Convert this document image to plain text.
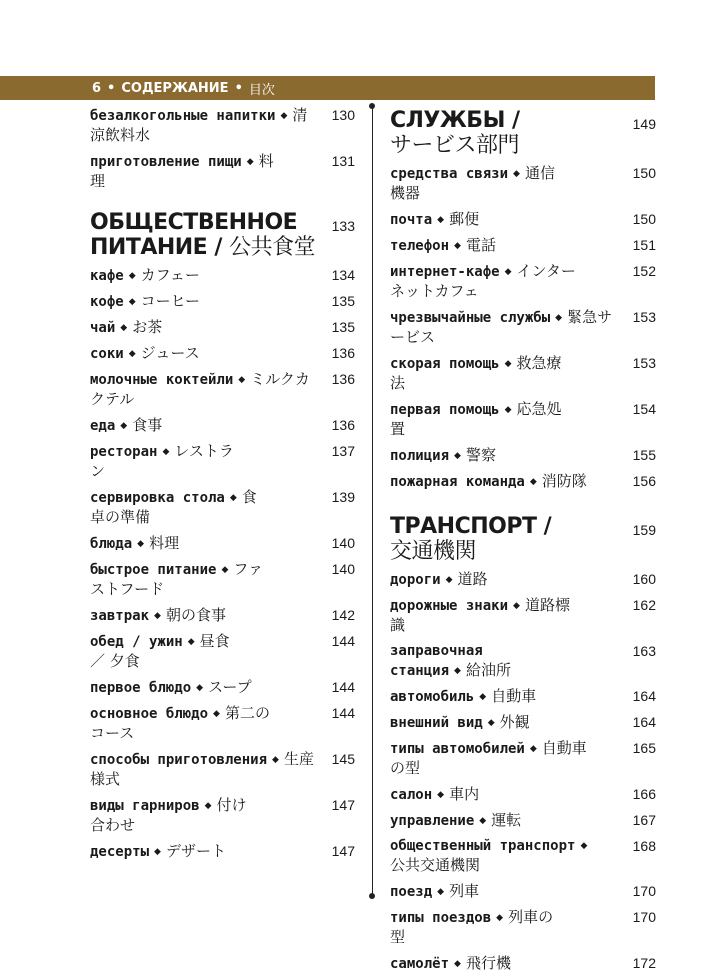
6 • СОДЕРЖАНИЕ • 目次
безалкогольные напитки ◆ 清涼飲料水
130
приготовление пищи ◆ 料理
131
ОБЩЕСТВЕННОЕ ПИТАНИЕ / 公共食堂
133
кафе ◆ カフェー	134
кофе ◆ コーヒー	135
чай ◆ お茶	135
соки ◆ ジュース	136
молочные коктейли ◆ ミルクカクテル
136
еда ◆ 食事	136
ресторан ◆ レストラン
137
сервировка стола ◆ 食卓の準備
139
блюда ◆ 料理	140
быстрое питание ◆ ファストフード
140
завтрак ◆ 朝の食事	142
обед / ужин ◆ 昼食 ／ 夕食
144
первое блюдо ◆ スープ	144
основное блюдо ◆ 第二のコース
144
способы приготовления ◆ 生産様式
145
виды гарниров ◆ 付け合わせ
147
десерты ◆ デザート	147
СЛУЖБЫ /
サービス部門
149
средства связи ◆ 通信機器
150
почта ◆ 郵便	150
телефон ◆ 電話	151
интернет-кафе ◆ インターネットカフェ
152
чрезвычайные службы ◆ 緊急サービス
153
скорая помощь ◆ 救急療法
153
первая помощь ◆ 応急処置
154
полиция ◆ 警察	155
пожарная команда ◆ 消防隊	156
ТРАНСПОРТ /
交通機関
159
дороги ◆ 道路	160
дорожные знаки ◆ 道路標識
162
заправочная станция ◆ 給油所
163
автомобиль ◆ 自動車	164
внешний вид ◆ 外観	164
типы автомобилей ◆ 自動車の型
165
салон ◆ 車内	166
управление ◆ 運転	167
общественный транспорт ◆公共交通機関
168
поезд ◆ 列車	170
типы поездов ◆ 列車の型
170
самолёт ◆ 飛行機	172
